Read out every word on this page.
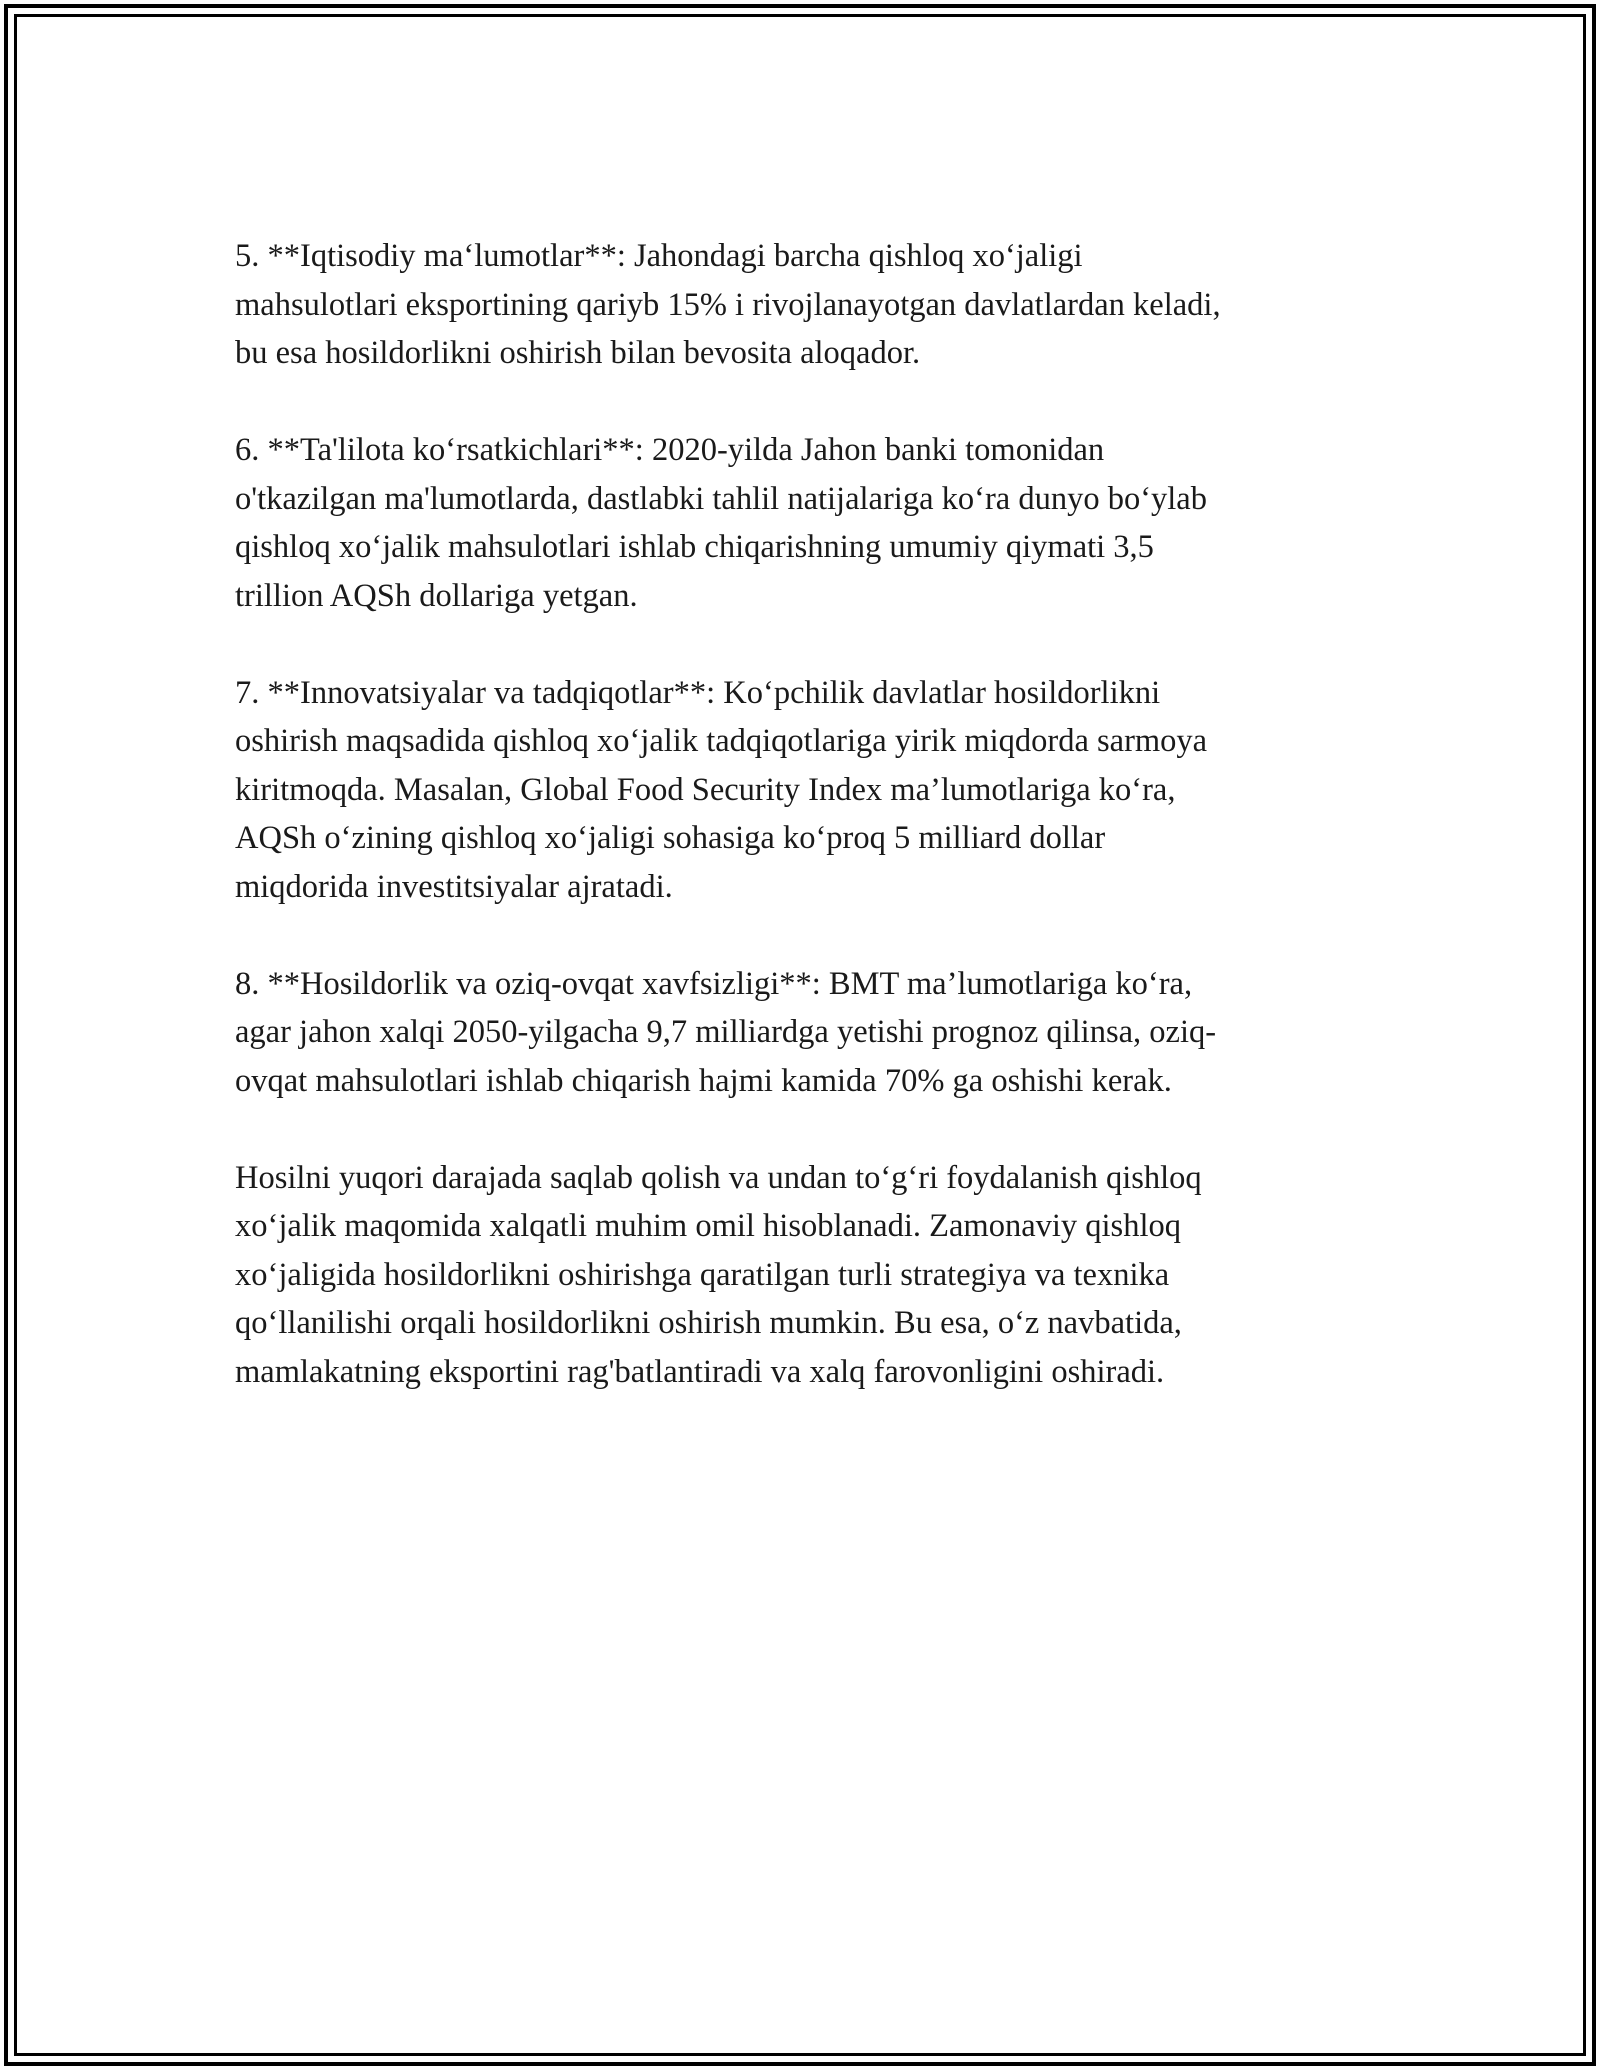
5. **Iqtisodiy ma‘lumotlar**: Jahondagi barcha qishloq xo‘jaligi
mahsulotlari eksportining qariyb 15% i rivojlanayotgan davlatlardan keladi,
bu esa hosildorlikni oshirish bilan bevosita aloqador.

6. **Ta'lilota ko‘rsatkichlari**: 2020-yilda Jahon banki tomonidan
o'tkazilgan ma'lumotlarda, dastlabki tahlil natijalariga ko‘ra dunyo bo‘ylab
qishloq xo‘jalik mahsulotlari ishlab chiqarishning umumiy qiymati 3,5
trillion AQSh dollariga yetgan.

7. **Innovatsiyalar va tadqiqotlar**: Ko‘pchilik davlatlar hosildorlikni
oshirish maqsadida qishloq xo‘jalik tadqiqotlariga yirik miqdorda sarmoya
kiritmoqda. Masalan, Global Food Security Index ma’lumotlariga ko‘ra,
AQSh o‘zining qishloq xo‘jaligi sohasiga ko‘proq 5 milliard dollar
miqdorida investitsiyalar ajratadi.

8. **Hosildorlik va oziq-ovqat xavfsizligi**: BMT ma’lumotlariga ko‘ra,
agar jahon xalqi 2050-yilgacha 9,7 milliardga yetishi prognoz qilinsa, oziq-
ovqat mahsulotlari ishlab chiqarish hajmi kamida 70% ga oshishi kerak.

Hosilni yuqori darajada saqlab qolish va undan to‘g‘ri foydalanish qishloq
xo‘jalik maqomida xalqatli muhim omil hisoblanadi. Zamonaviy qishloq
xo‘jaligida hosildorlikni oshirishga qaratilgan turli strategiya va texnika
qo‘llanilishi orqali hosildorlikni oshirish mumkin. Bu esa, o‘z navbatida,
mamlakatning eksportini rag'batlantiradi va xalq farovonligini oshiradi.
